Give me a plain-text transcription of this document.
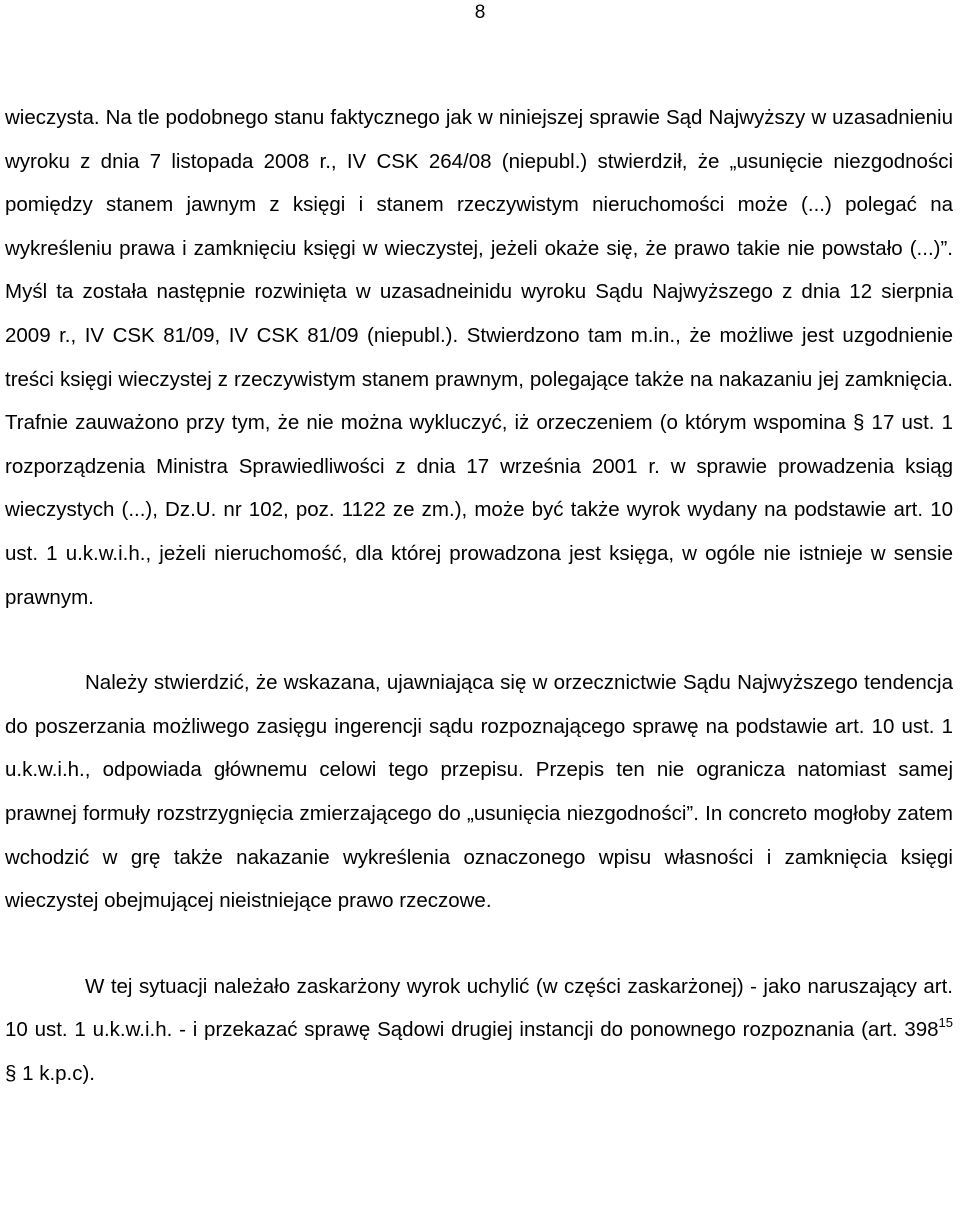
8

wieczysta. Na tle podobnego stanu faktycznego jak w niniejszej sprawie Sąd Najwyższy w uzasadnieniu wyroku z dnia 7 listopada 2008 r., IV CSK 264/08 (niepubl.) stwierdził, że „usunięcie niezgodności pomiędzy stanem jawnym z księgi i stanem rzeczywistym nieruchomości może (...) polegać na wykreśleniu prawa i zamknięciu księgi w wieczystej, jeżeli okaże się, że prawo takie nie powstało (...)”. Myśl ta została następnie rozwinięta w uzasadneinidu wyroku Sądu Najwyższego z dnia 12 sierpnia 2009 r., IV CSK 81/09, IV CSK 81/09 (niepubl.). Stwierdzono tam m.in., że możliwe jest uzgodnienie treści księgi wieczystej z rzeczywistym stanem prawnym, polegające także na nakazaniu jej zamknięcia. Trafnie zauważono przy tym, że nie można wykluczyć, iż orzeczeniem (o którym wspomina § 17 ust. 1 rozporządzenia Ministra Sprawiedliwości z dnia 17 września 2001 r. w sprawie prowadzenia ksiąg wieczystych (...), Dz.U. nr 102, poz. 1122 ze zm.), może być także wyrok wydany na podstawie art. 10 ust. 1 u.k.w.i.h., jeżeli nieruchomość, dla której prowadzona jest księga, w ogóle nie istnieje w sensie prawnym.

Należy stwierdzić, że wskazana, ujawniająca się w orzecznictwie Sądu Najwyższego tendencja do poszerzania możliwego zasięgu ingerencji sądu rozpoznającego sprawę na podstawie art. 10 ust. 1 u.k.w.i.h., odpowiada głównemu celowi tego przepisu. Przepis ten nie ogranicza natomiast samej prawnej formuły rozstrzygnięcia zmierzającego do „usunięcia niezgodności”. In concreto mogłoby zatem wchodzić w grę także nakazanie wykreślenia oznaczonego wpisu własności i zamknięcia księgi wieczystej obejmującej nieistniejące prawo rzeczowe.

W tej sytuacji należało zaskarżony wyrok uchylić (w części zaskarżonej) - jako naruszający art. 10 ust. 1 u.k.w.i.h. - i przekazać sprawę Sądowi drugiej instancji do ponownego rozpoznania (art. $398^{15}$ § 1 k.p.c).
